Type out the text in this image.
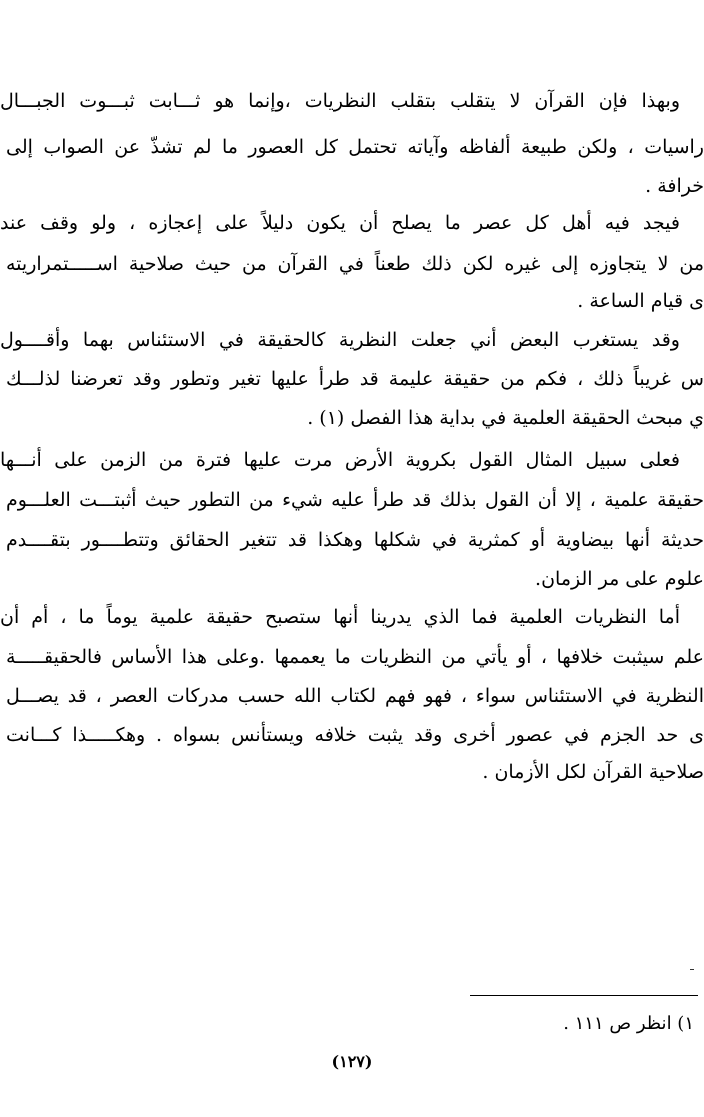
وبهذا فإن القرآن لا يتقلب بتقلب النظريات ،وإنما هو ثـــابت ثبـــوت الجبـــال
راسيات ، ولكن طبيعة ألفاظه وآياته تحتمل كل العصور ما لم تشذّ عن الصواب إلى
خرافة .
فيجد فيه أهل كل عصر ما يصلح أن يكون دليلاً على إعجازه ، ولو وقف عند
من لا يتجاوزه إلى غيره لكن ذلك طعناً في القرآن من حيث صلاحية اســـــتمراريته
ى قيام الساعة .
وقد يستغرب البعض أني جعلت النظرية كالحقيقة في الاستئناس بهما وأقــــول
س غريباً ذلك ، فكم من حقيقة عليمة قد طرأ عليها تغير وتطور وقد تعرضنا لذلـــك
ي مبحث الحقيقة العلمية في بداية هذا الفصل (١) .
فعلى سبيل المثال القول بكروية الأرض مرت عليها فترة من الزمن على أنـــها
حقيقة علمية ، إلا أن القول بذلك قد طرأ عليه شيء من التطور حيث أثبتـــت العلـــوم
حديثة أنها بيضاوية أو كمثرية في شكلها وهكذا قد تتغير الحقائق وتتطــــور بتقــــدم
علوم على مر الزمان.
أما النظريات العلمية فما الذي يدرينا أنها ستصبح حقيقة علمية يوماً ما ، أم أن
علم سيثبت خلافها ، أو يأتي من النظريات ما يعممها .وعلى هذا الأساس فالحقيقـــــة
النظرية في الاستئناس سواء ، فهو فهم لكتاب الله حسب مدركات العصر ، قد يصـــل
ى حد الجزم في عصور أخرى وقد يثبت خلافه ويستأنس بسواه . وهكـــــذا كـــانت
صلاحية القرآن لكل الأزمان .
١) انظر ص ١١١ .
(١٢٧)
